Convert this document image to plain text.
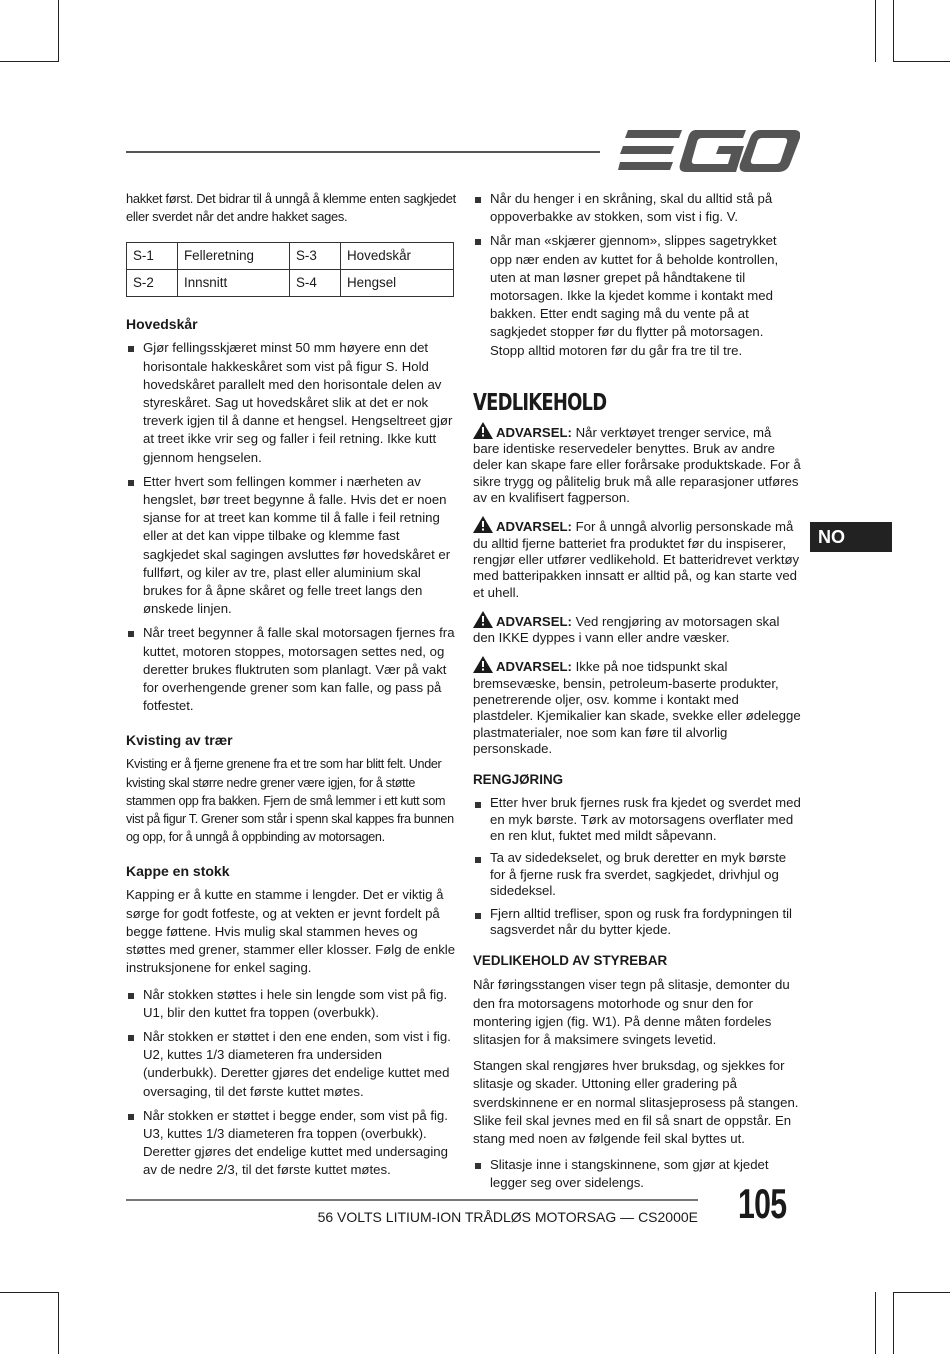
NO

hakket først. Det bidrar til å unngå å klemme enten sagkjedet eller sverdet når det andre hakket sages.

S-1	Felleretning	S-3	Hovedskår
S-2	Innsnitt	S-4	Hengsel
Hovedskår
Gjør fellingsskjæret minst 50 mm høyere enn det horisontale hakkeskåret som vist på figur S. Hold hovedskåret parallelt med den horisontale delen av styreskåret. Sag ut hovedskåret slik at det er nok treverk igjen til å danne et hengsel. Hengseltreet gjør at treet ikke vrir seg og faller i feil retning. Ikke kutt gjennom hengselen.
Etter hvert som fellingen kommer i nærheten av hengslet, bør treet begynne å falle. Hvis det er noen sjanse for at treet kan komme til å falle i feil retning eller at det kan vippe tilbake og klemme fast sagkjedet skal sagingen avsluttes før hovedskåret er fullført, og kiler av tre, plast eller aluminium skal brukes for å åpne skåret og felle treet langs den ønskede linjen.
Når treet begynner å falle skal motorsagen fjernes fra kuttet, motoren stoppes, motorsagen settes ned, og deretter brukes fluktruten som planlagt. Vær på vakt for overhengende grener som kan falle, og pass på fotfestet.
Kvisting av trær

Kvisting er å fjerne grenene fra et tre som har blitt felt. Under kvisting skal større nedre grener være igjen, for å støtte stammen opp fra bakken. Fjern de små lemmer i ett kutt som vist på figur T. Grener som står i spenn skal kappes fra bunnen og opp, for å unngå å oppbinding av motorsagen.

Kappe en stokk

Kapping er å kutte en stamme i lengder. Det er viktig å sørge for godt fotfeste, og at vekten er jevnt fordelt på begge føttene. Hvis mulig skal stammen heves og støttes med grener, stammer eller klosser. Følg de enkle instruksjonene for enkel saging.

Når stokken støttes i hele sin lengde som vist på fig. U1, blir den kuttet fra toppen (overbukk).
Når stokken er støttet i den ene enden, som vist i fig. U2, kuttes 1/3 diameteren fra undersiden (underbukk). Deretter gjøres det endelige kuttet med oversaging, til det første kuttet møtes.
Når stokken er støttet i begge ender, som vist på fig. U3, kuttes 1/3 diameteren fra toppen (overbukk). Deretter gjøres det endelige kuttet med undersaging av de nedre 2/3, til det første kuttet møtes.
Når du henger i en skråning, skal du alltid stå på oppoverbakke av stokken, som vist i fig. V.
Når man «skjærer gjennom», slippes sagetrykket opp nær enden av kuttet for å beholde kontrollen, uten at man løsner grepet på håndtakene til motorsagen. Ikke la kjedet komme i kontakt med bakken. Etter endt saging må du vente på at sagkjedet stopper før du flytter på motorsagen. Stopp alltid motoren før du går fra tre til tre.
VEDLIKEHOLD
ADVARSEL: Når verktøyet trenger service, må bare identiske reservedeler benyttes. Bruk av andre deler kan skape fare eller forårsake produktskade. For å sikre trygg og pålitelig bruk må alle reparasjoner utføres av en kvalifisert fagperson.
ADVARSEL: For å unngå alvorlig personskade må du alltid fjerne batteriet fra produktet før du inspiserer, rengjør eller utfører vedlikehold. Et batteridrevet verktøy med batteripakken innsatt er alltid på, og kan starte ved et uhell.
ADVARSEL: Ved rengjøring av motorsagen skal den IKKE dyppes i vann eller andre væsker.
ADVARSEL: Ikke på noe tidspunkt skal bremsevæske, bensin, petroleum-baserte produkter, penetrerende oljer, osv. komme i kontakt med plastdeler. Kjemikalier kan skade, svekke eller ødelegge plastmaterialer, noe som kan føre til alvorlig personskade.
RENGJØRING
Etter hver bruk fjernes rusk fra kjedet og sverdet med en myk børste. Tørk av motorsagens overflater med en ren klut, fuktet med mildt såpevann.
Ta av sidedekselet, og bruk deretter en myk børste for å fjerne rusk fra sverdet, sagkjedet, drivhjul og sidedeksel.
Fjern alltid trefliser, spon og rusk fra fordypningen til sagsverdet når du bytter kjede.
VEDLIKEHOLD AV STYREBAR

Når føringsstangen viser tegn på slitasje, demonter du den fra motorsagens motorhode og snur den for montering igjen (fig. W1). På denne måten fordeles slitasjen for å maksimere svingets levetid.

Stangen skal rengjøres hver bruksdag, og sjekkes for slitasje og skader. Uttoning eller gradering på sverdskinnene er en normal slitasjeprosess på stangen. Slike feil skal jevnes med en fil så snart de oppstår. En stang med noen av følgende feil skal byttes ut.

Slitasje inne i stangskinnene, som gjør at kjedet legger seg over sidelengs.
56 VOLTS LITIUM-ION TRÅDLØS MOTORSAG — CS2000E 105
